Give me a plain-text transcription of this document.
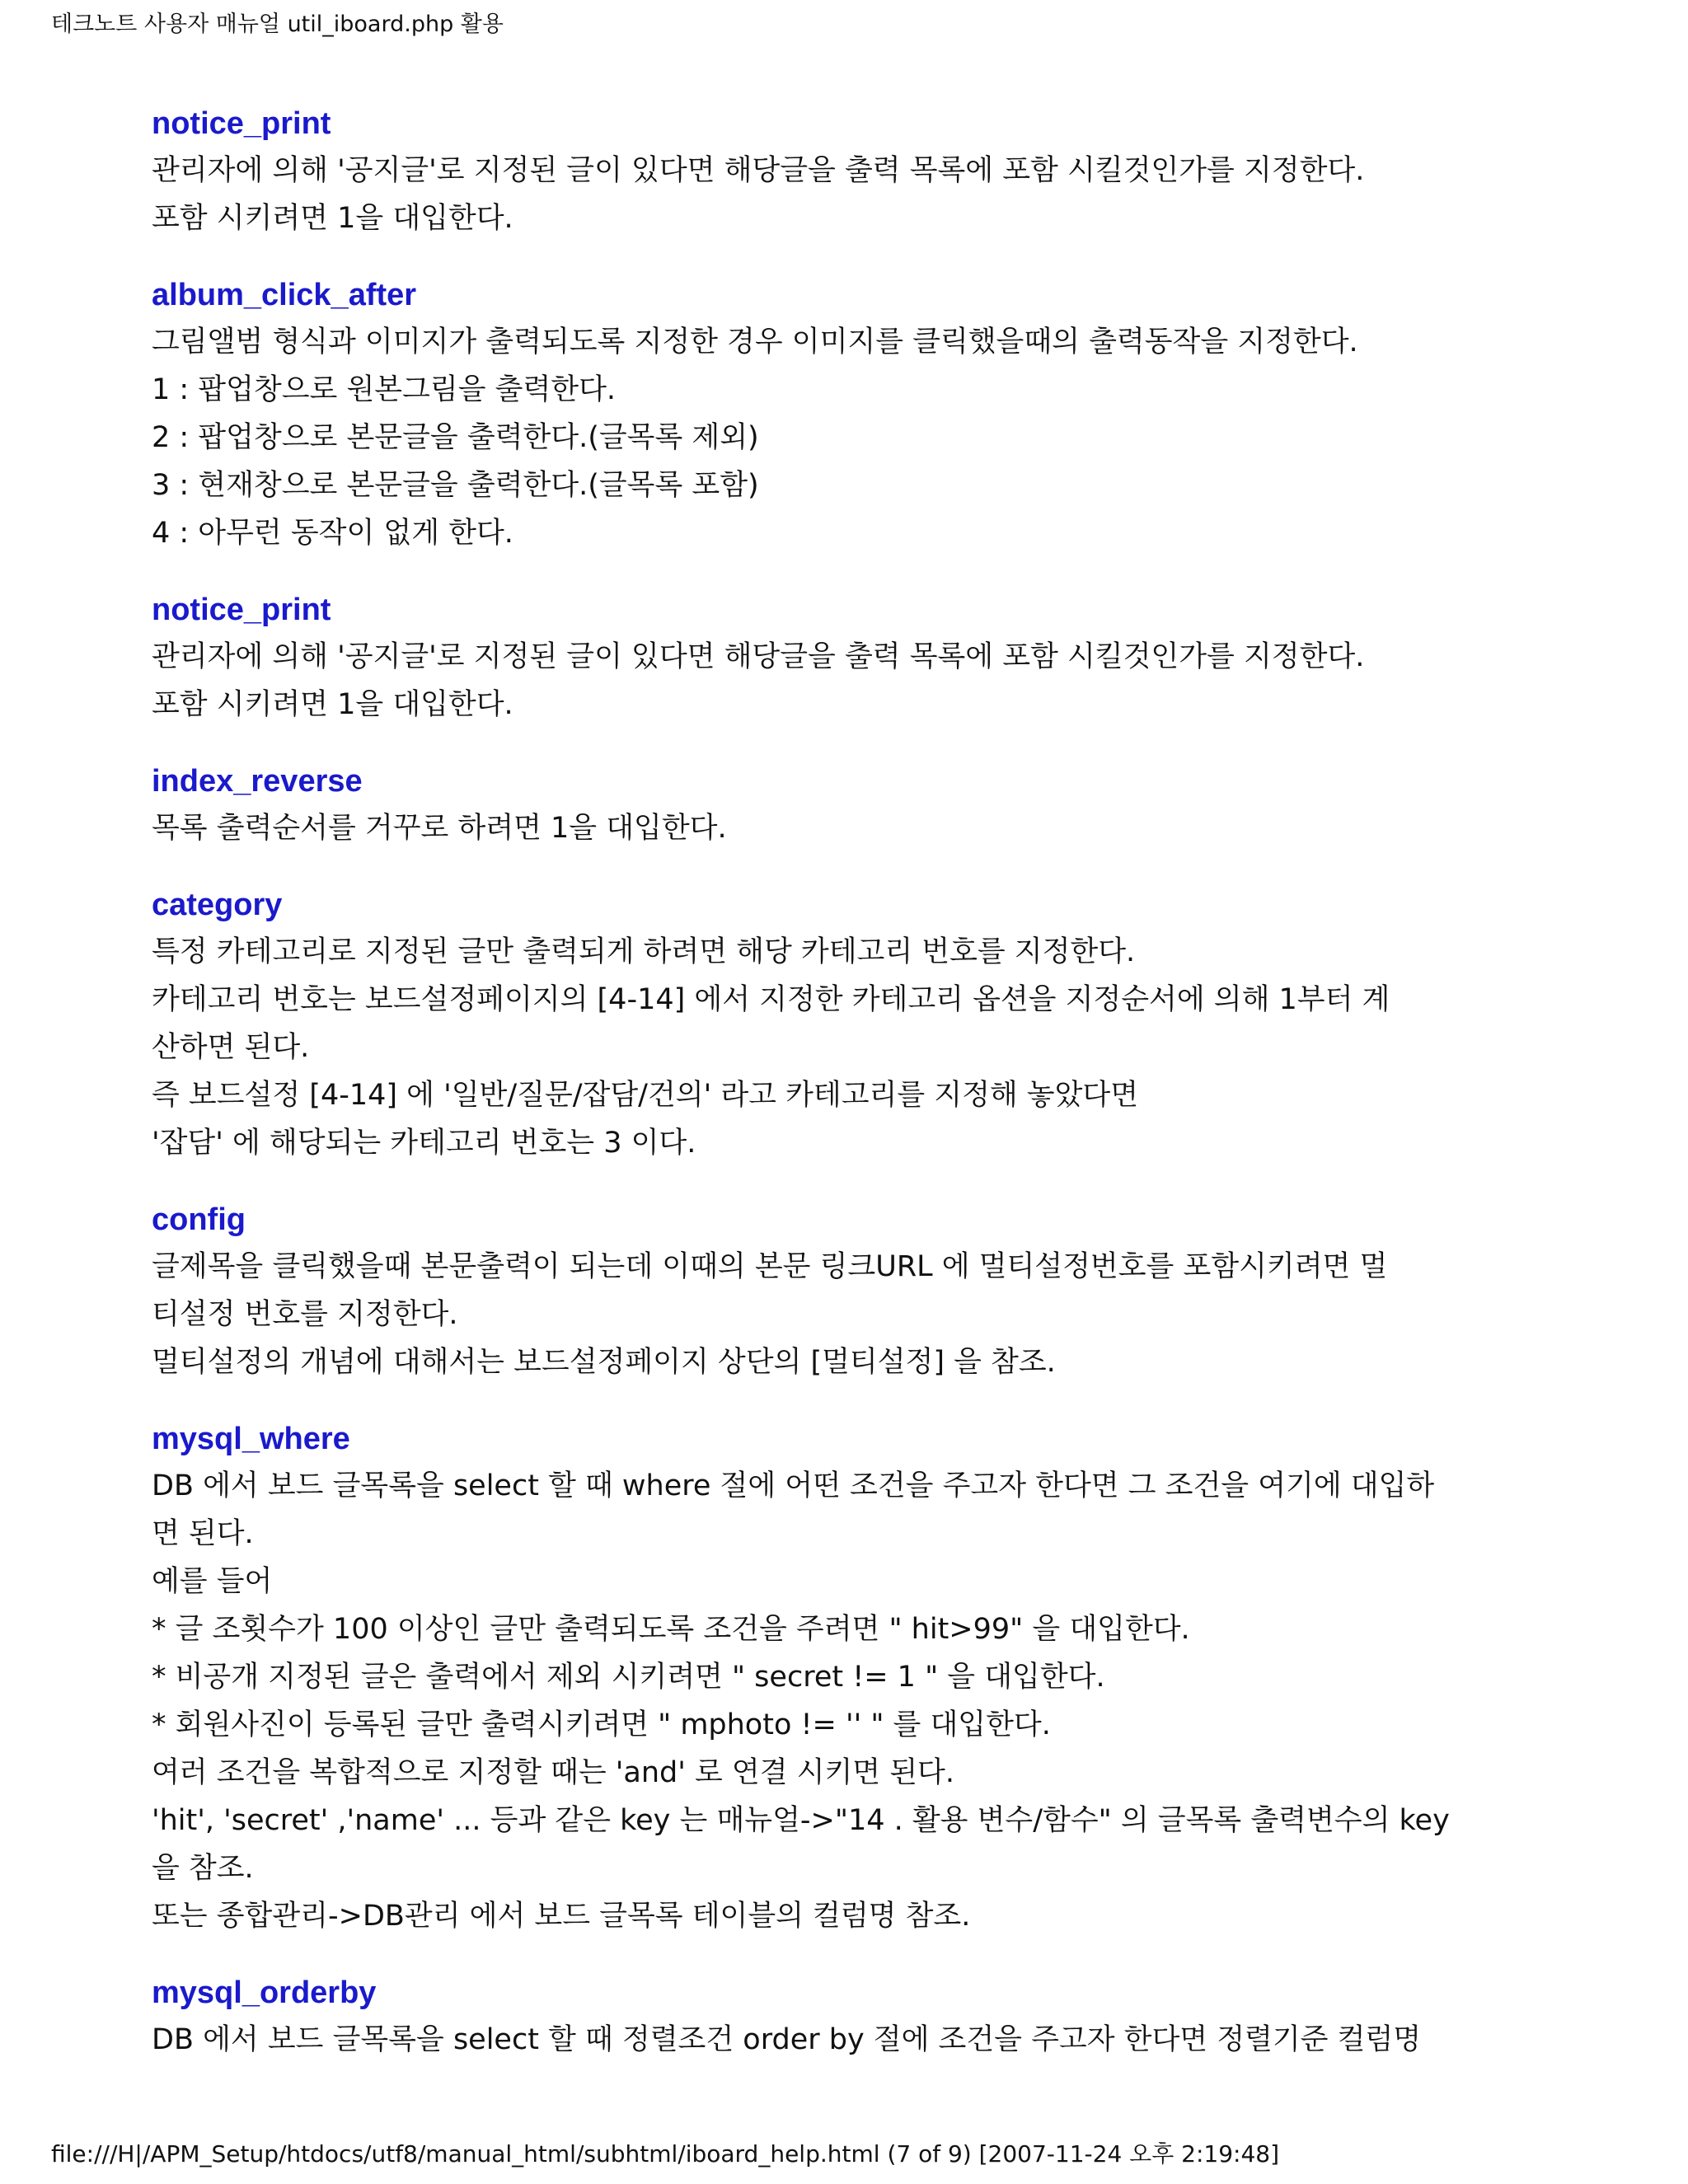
테크노트 사용자 매뉴얼 util_iboard.php 활용
notice_print
관리자에 의해 '공지글'로 지정된 글이 있다면 해당글을 출력 목록에 포함 시킬것인가를 지정한다.
포함 시키려면 1을 대입한다.
album_click_after
그림앨범 형식과 이미지가 출력되도록 지정한 경우 이미지를 클릭했을때의 출력동작을 지정한다.
1 : 팝업창으로 원본그림을 출력한다.
2 : 팝업창으로 본문글을 출력한다.(글목록 제외)
3 : 현재창으로 본문글을 출력한다.(글목록 포함)
4 : 아무런 동작이 없게 한다.
notice_print
관리자에 의해 '공지글'로 지정된 글이 있다면 해당글을 출력 목록에 포함 시킬것인가를 지정한다.
포함 시키려면 1을 대입한다.
index_reverse
목록 출력순서를 거꾸로 하려면 1을 대입한다.
category
특정 카테고리로 지정된 글만 출력되게 하려면 해당 카테고리 번호를 지정한다.
카테고리 번호는 보드설정페이지의 [4-14] 에서 지정한 카테고리 옵션을 지정순서에 의해 1부터 계
산하면 된다.
즉 보드설정 [4-14] 에 '일반/질문/잡담/건의' 라고 카테고리를 지정해 놓았다면
'잡담' 에 해당되는 카테고리 번호는 3 이다.
config
글제목을 클릭했을때 본문출력이 되는데 이때의 본문 링크URL 에 멀티설정번호를 포함시키려면 멀
티설정 번호를 지정한다.
멀티설정의 개념에 대해서는 보드설정페이지 상단의 [멀티설정] 을 참조.
mysql_where
DB 에서 보드 글목록을 select 할 때 where 절에 어떤 조건을 주고자 한다면 그 조건을 여기에 대입하
면 된다.
예를 들어
* 글 조횟수가 100 이상인 글만 출력되도록 조건을 주려면 " hit>99" 을 대입한다.
* 비공개 지정된 글은 출력에서 제외 시키려면 " secret != 1 " 을 대입한다.
* 회원사진이 등록된 글만 출력시키려면 " mphoto != '' " 를 대입한다.
여러 조건을 복합적으로 지정할 때는 'and' 로 연결 시키면 된다.
'hit', 'secret' ,'name' ... 등과 같은 key 는 매뉴얼->"14 . 활용 변수/함수" 의 글목록 출력변수의 key
을 참조.
또는 종합관리->DB관리 에서 보드 글목록 테이블의 컬럼명 참조.
mysql_orderby
DB 에서 보드 글목록을 select 할 때 정렬조건 order by 절에 조건을 주고자 한다면 정렬기준 컬럼명
file:///H|/APM_Setup/htdocs/utf8/manual_html/subhtml/iboard_help.html (7 of 9) [2007-11-24 오후 2:19:48]
